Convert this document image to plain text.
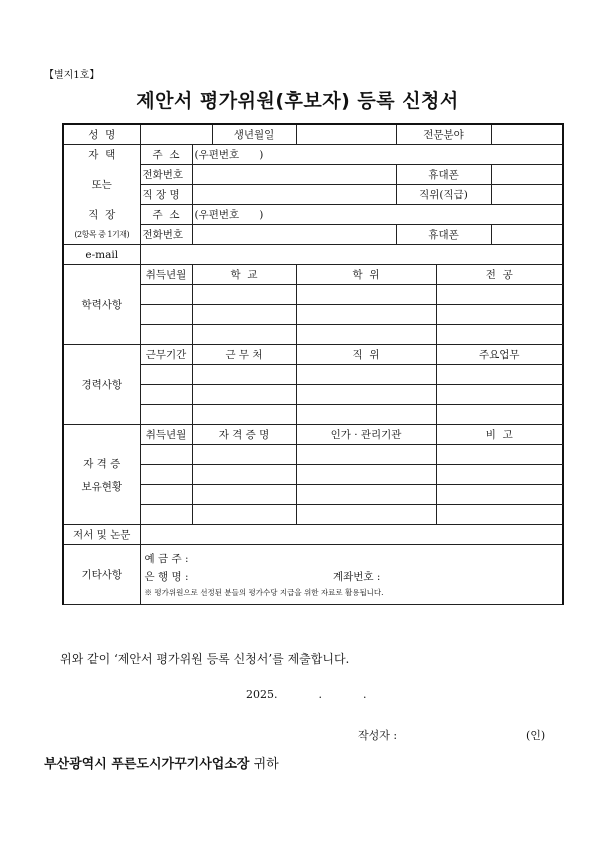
【별지1호】
제안서 평가위원(후보자) 등록 신청서
성  명			생년월일		전문분야		
자  택	주  소	(우편번호      )					
또는	전화번호				휴대폰		
	직 장 명				직위(직급)		
직  장	주  소	(우편번호      )					
(2항목 중 1기재)	전화번호				휴대폰		
e-mail							
학력사항	취득년월	학  교		학  위		전  공	

경력사항	근무기간	근 무 처		직  위		주요업무	

자 격 증
보유현황	취득년월	자 격 증 명		인가 · 관리기관		비  고	

저서 및 논문							
기타사항	예 금 주 :
은 행 명 : 계좌번호 :
※ 평가위원으로 선정된 분들의 평가수당 지급을 위한 자료로 활용됩니다.						
위와 같이 ‘제안서 평가위원 등록 신청서’를 제출합니다.
2025.	.	.
작성자 :	(인)
부산광역시 푸른도시가꾸기사업소장 귀하
